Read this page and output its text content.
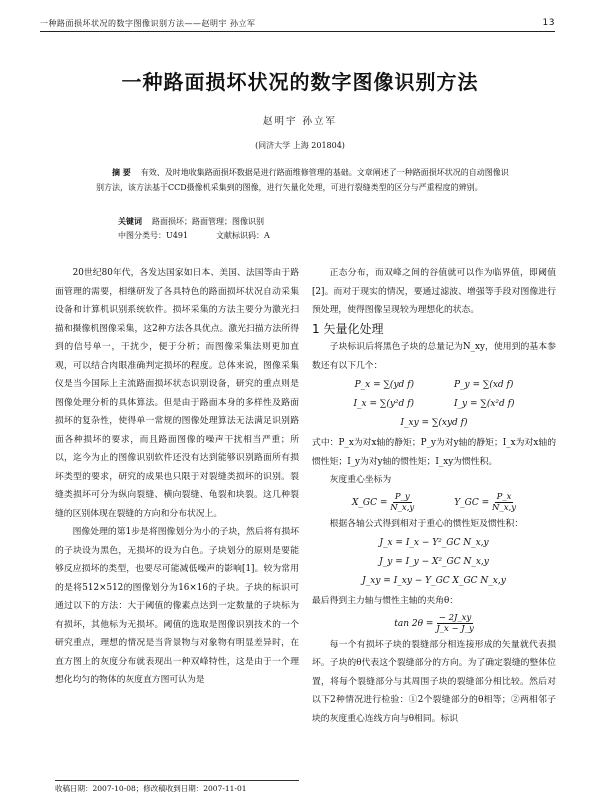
一种路面损坏状况的数字图像识别方法——赵明宇 孙立军	13
一种路面损坏状况的数字图像识别方法
赵明宇 孙立军
(同济大学 上海 201804)
摘 要 有效、及时地收集路面损坏数据是进行路面维修管理的基础。文章阐述了一种路面损坏状况的自动图像识别方法，该方法基于CCD摄像机采集到的图像，进行矢量化处理，可进行裂缝类型的区分与严重程度的辨别。
关键词 路面损坏；路面管理；图像识别
中图分类号：U491	文献标识码：A

20世纪80年代，各发达国家如日本、美国、法国等由于路面管理的需要，相继研发了各具特色的路面损坏状况自动采集设备和计算机识别系统软件。损坏采集的方法主要分为激光扫描和摄像机图像采集，这2种方法各具优点。激光扫描方法所得到的信号单一，干扰少，便于分析；而图像采集法则更加直观，可以结合肉眼准确判定损坏的程度。总体来说，图像采集仪是当今国际上主流路面损坏状态识别设备，研究的重点则是图像处理分析的具体算法。但是由于路面本身的多样性及路面损坏的复杂性，使得单一常规的图像处理算法无法满足识别路面各种损坏的要求，而且路面图像的噪声干扰相当严重；所以，迄今为止的图像识别软件还没有达到能够识别路面所有损坏类型的要求，研究的成果也只限于对裂缝类损坏的识别。裂缝类损坏可分为纵向裂缝、横向裂缝、龟裂和块裂。这几种裂缝的区别体现在裂缝的方向和分布状况上。

图像处理的第1步是将图像划分为小的子块，然后将有损坏的子块设为黑色，无损坏的设为白色。子块划分的原则是要能够反应损坏的类型，也要尽可能减低噪声的影响[1]。较为常用的是将512×512的图像划分为16×16的子块。子块的标识可通过以下的方法：大于阈值的像素点达到一定数量的子块标为有损坏，其他标为无损坏。阈值的选取是图像识别技术的一个研究重点，理想的情况是当背景物与对象物有明显差异时，在直方图上的灰度分布就表现出一种双峰特性，这是由于一个理想化均匀的物体的灰度直方图可认为是

正态分布，而双峰之间的谷值就可以作为临界值，即阈值[2]。而对于现实的情况，要通过滤波、增强等手段对图像进行预处理，使得图像呈现较为理想化的状态。

1 矢量化处理

子块标识后将黑色子块的总量记为N_xy，使用到的基本参数还有以下几个：

P_x = ∑(yd f)	P_y = ∑(xd f)
I_x = ∑(y²d f)	I_y = ∑(x²d f)
I_xy = ∑(xyd f)

式中：P_x为对x轴的静矩；P_y为对y轴的静矩；I_x为对x轴的惯性矩；I_y为对y轴的惯性矩；I_xy为惯性积。

灰度重心坐标为

X_GC = $\frac{P\_y}{N\_x,y}$	Y_GC = $\frac{P\_x}{N\_x,y}$

根据各轴公式得到相对于重心的惯性矩及惯性积：

J_x = I_x − Y²_GC N_x,y
J_y = I_y − X²_GC N_x,y
J_xy = I_xy − Y_GC X_GC N_x,y

最后得到主力轴与惯性主轴的夹角θ：

$\tan 2\theta = \frac{- 2J\_xy}{J\_x - J\_y}$

每一个有损坏子块的裂缝部分相连接形成的矢量就代表损坏。子块的θ代表这个裂缝部分的方向。为了确定裂缝的整体位置，将每个裂缝部分与其周围子块的裂缝部分相比较。然后对以下2种情况进行检验：①2个裂缝部分的θ相等；②两相邻子块的灰度重心连线方向与θ相同。标识

收稿日期：2007-10-08；修改稿收到日期：2007-11-01
